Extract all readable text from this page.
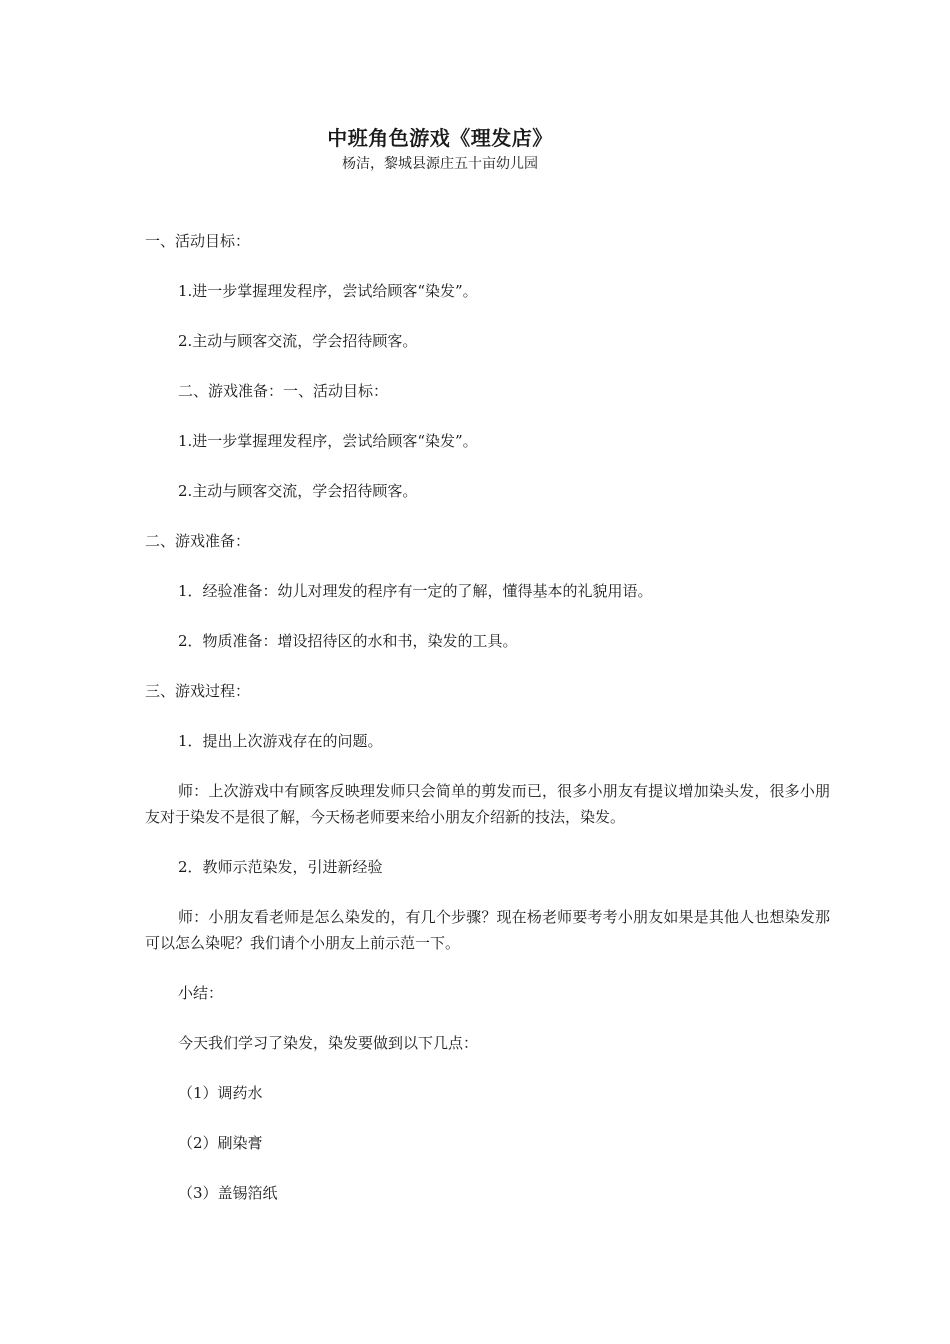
中班角色游戏《理发店》
杨洁，黎城县源庄五十亩幼儿园

一、活动目标：

1.进一步掌握理发程序，尝试给顾客“染发”。

2.主动与顾客交流，学会招待顾客。

二、游戏准备：一、活动目标：

1.进一步掌握理发程序，尝试给顾客“染发”。

2.主动与顾客交流，学会招待顾客。

二、游戏准备：

1．经验准备：幼儿对理发的程序有一定的了解，懂得基本的礼貌用语。

2．物质准备：增设招待区的水和书，染发的工具。

三、游戏过程：

1．提出上次游戏存在的问题。

师：上次游戏中有顾客反映理发师只会简单的剪发而已，很多小朋友有提议增加染头发，很多小朋友对于染发不是很了解，今天杨老师要来给小朋友介绍新的技法，染发。

2．教师示范染发，引进新经验

师：小朋友看老师是怎么染发的，有几个步骤？现在杨老师要考考小朋友如果是其他人也想染发那可以怎么染呢？我们请个小朋友上前示范一下。

小结：

今天我们学习了染发，染发要做到以下几点：

（1）调药水

（2）刷染膏

（3）盖锡箔纸
